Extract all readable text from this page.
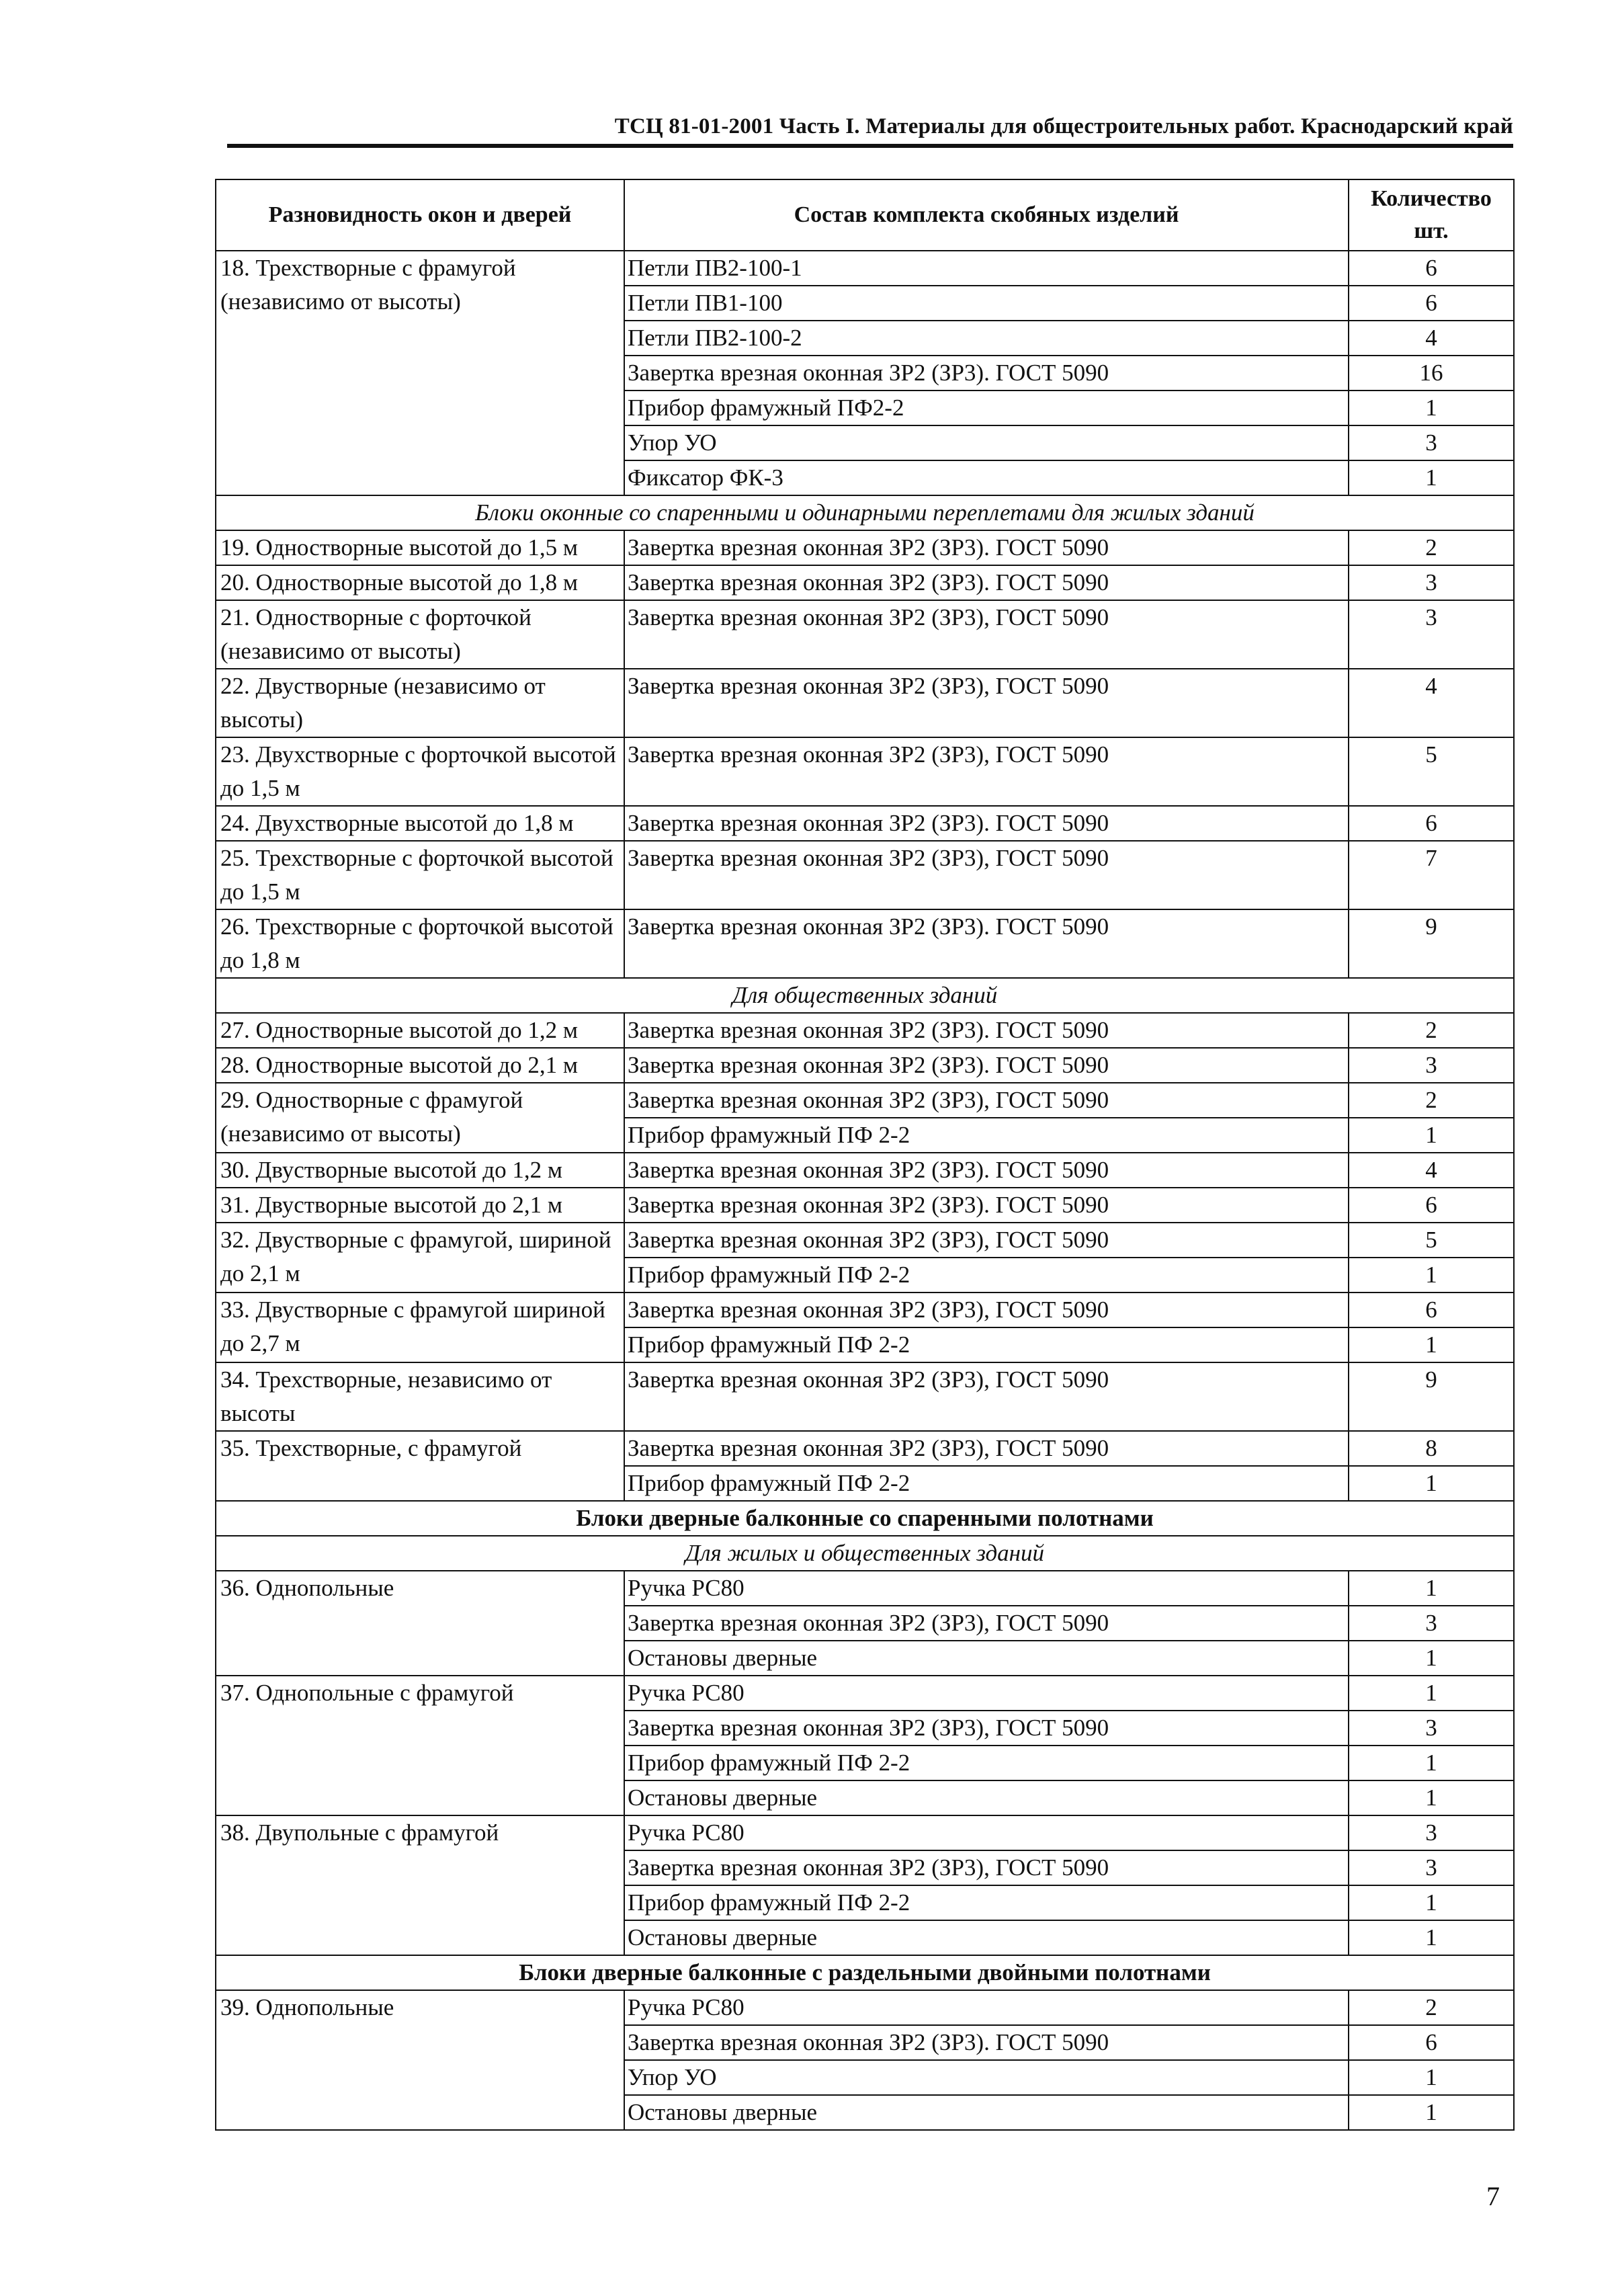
ТСЦ 81-01-2001 Часть I. Материалы для общестроительных работ. Краснодарский край
Разновидность окон и дверей	Состав комплекта скобяных изделий	Количество шт.
18. Трехстворные с фрамугой (независимо от высоты)	Петли ПВ2-100-1	6
	Петли ПВ1-100	6
	Петли ПВ2-100-2	4
	Завертка врезная оконная ЗР2 (ЗР3). ГОСТ 5090	16
	Прибор фрамужный ПФ2-2	1
	Упор УО	3
	Фиксатор ФК-3	1
Блоки оконные со спаренными и одинарными переплетами для жилых зданий		
19. Одностворные высотой до 1,5 м	Завертка врезная оконная ЗР2 (ЗР3). ГОСТ 5090	2
20. Одностворные высотой до 1,8 м	Завертка врезная оконная ЗР2 (ЗР3). ГОСТ 5090	3
21. Одностворные с форточкой (независимо от высоты)	Завертка врезная оконная ЗР2 (ЗР3), ГОСТ 5090	3
22. Двустворные (независимо от высоты)	Завертка врезная оконная ЗР2 (ЗР3), ГОСТ 5090	4
23. Двухстворные с форточкой высотой до 1,5 м	Завертка врезная оконная ЗР2 (ЗР3), ГОСТ 5090	5
24. Двухстворные высотой до 1,8 м	Завертка врезная оконная ЗР2 (ЗР3). ГОСТ 5090	6
25. Трехстворные с форточкой высотой до 1,5 м	Завертка врезная оконная ЗР2 (ЗР3), ГОСТ 5090	7
26. Трехстворные с форточкой высотой до 1,8 м	Завертка врезная оконная ЗР2 (ЗР3). ГОСТ 5090	9
Для общественных зданий		
27. Одностворные высотой до 1,2 м	Завертка врезная оконная ЗР2 (ЗР3). ГОСТ 5090	2
28. Одностворные высотой до 2,1 м	Завертка врезная оконная ЗР2 (ЗР3). ГОСТ 5090	3
29. Одностворные с фрамугой (независимо от высоты)	Завертка врезная оконная ЗР2 (ЗР3), ГОСТ 5090	2
	Прибор фрамужный ПФ 2-2	1
30. Двустворные высотой до 1,2 м	Завертка врезная оконная ЗР2 (ЗР3). ГОСТ 5090	4
31. Двустворные высотой до 2,1 м	Завертка врезная оконная ЗР2 (ЗР3). ГОСТ 5090	6
32. Двустворные с фрамугой, шириной до 2,1 м	Завертка врезная оконная ЗР2 (ЗР3), ГОСТ 5090	5
	Прибор фрамужный ПФ 2-2	1
33. Двустворные с фрамугой шириной до 2,7 м	Завертка врезная оконная ЗР2 (ЗР3), ГОСТ 5090	6
	Прибор фрамужный ПФ 2-2	1
34. Трехстворные, независимо от высоты	Завертка врезная оконная ЗР2 (ЗР3), ГОСТ 5090	9
35. Трехстворные, с фрамугой	Завертка врезная оконная ЗР2 (ЗР3), ГОСТ 5090	8
	Прибор фрамужный ПФ 2-2	1
Блоки дверные балконные со спаренными полотнами		
Для жилых и общественных зданий		
36. Однопольные	Ручка РС80	1
	Завертка врезная оконная ЗР2 (ЗР3), ГОСТ 5090	3
	Остановы дверные	1
37. Однопольные с фрамугой	Ручка РС80	1
	Завертка врезная оконная ЗР2 (ЗР3), ГОСТ 5090	3
	Прибор фрамужный ПФ 2-2	1
	Остановы дверные	1
38. Двупольные с фрамугой	Ручка РС80	3
	Завертка врезная оконная ЗР2 (ЗР3), ГОСТ 5090	3
	Прибор фрамужный ПФ 2-2	1
	Остановы дверные	1
Блоки дверные балконные с раздельными двойными полотнами		
39. Однопольные	Ручка РС80	2
	Завертка врезная оконная ЗР2 (ЗР3). ГОСТ 5090	6
	Упор УО	1
	Остановы дверные	1
7
